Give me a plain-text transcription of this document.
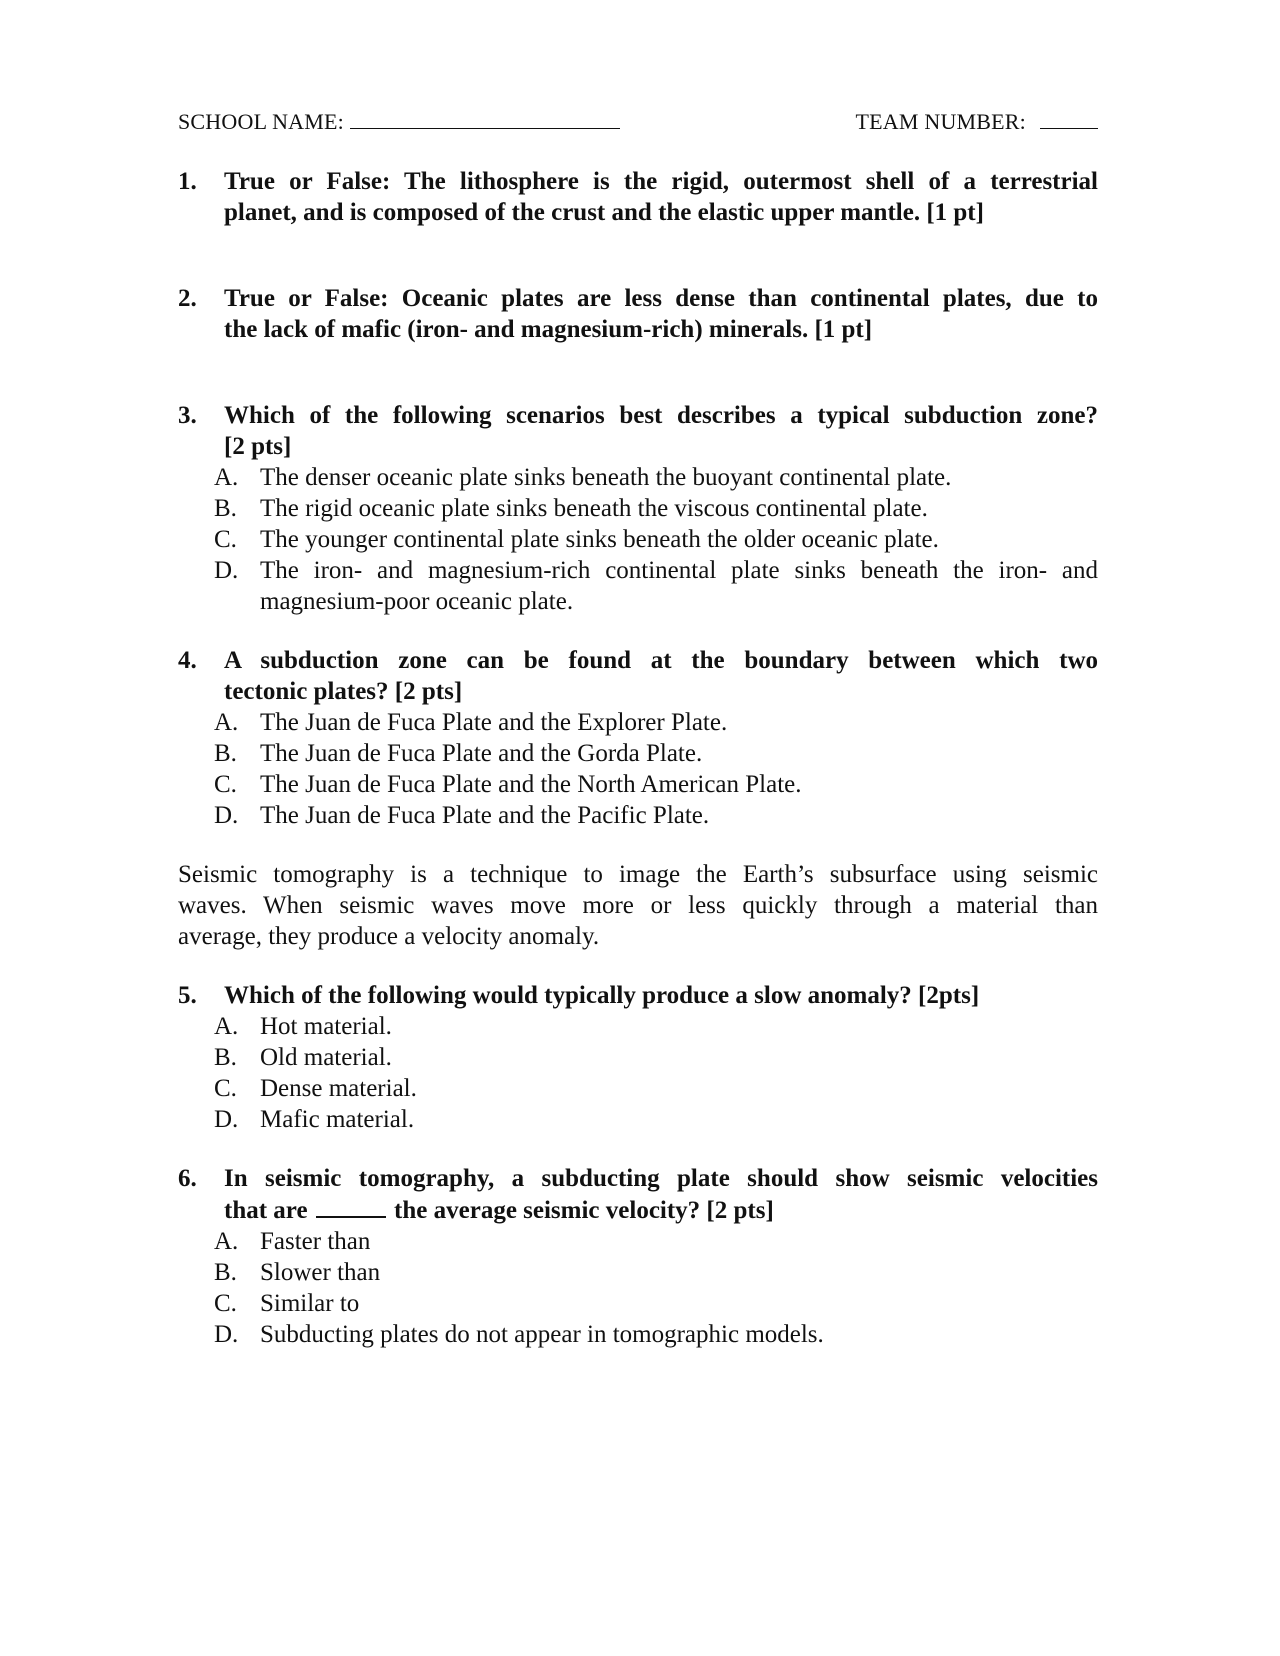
SCHOOL NAME:	TEAM NUMBER:
1. True or False: The lithosphere is the rigid, outermost shell of a terrestrial
planet, and is composed of the crust and the elastic upper mantle. [1 pt]
2. True or False: Oceanic plates are less dense than continental plates, due to
the lack of mafic (iron- and magnesium-rich) minerals. [1 pt]
3. Which of the following scenarios best describes a typical subduction zone?
[2 pts]
A. The denser oceanic plate sinks beneath the buoyant continental plate.
B. The rigid oceanic plate sinks beneath the viscous continental plate.
C. The younger continental plate sinks beneath the older oceanic plate.
D. The iron- and magnesium-rich continental plate sinks beneath the iron- and
magnesium-poor oceanic plate.
4. A subduction zone can be found at the boundary between which two
tectonic plates? [2 pts]
A. The Juan de Fuca Plate and the Explorer Plate.
B. The Juan de Fuca Plate and the Gorda Plate.
C. The Juan de Fuca Plate and the North American Plate.
D. The Juan de Fuca Plate and the Pacific Plate.
Seismic tomography is a technique to image the Earth’s subsurface using seismic
waves. When seismic waves move more or less quickly through a material than
average, they produce a velocity anomaly.
5. Which of the following would typically produce a slow anomaly? [2pts]
A. Hot material.
B. Old material.
C. Dense material.
D. Mafic material.
6. In seismic tomography, a subducting plate should show seismic velocities
that are	the average seismic velocity? [2 pts]
A. Faster than
B. Slower than
C. Similar to
D. Subducting plates do not appear in tomographic models.
